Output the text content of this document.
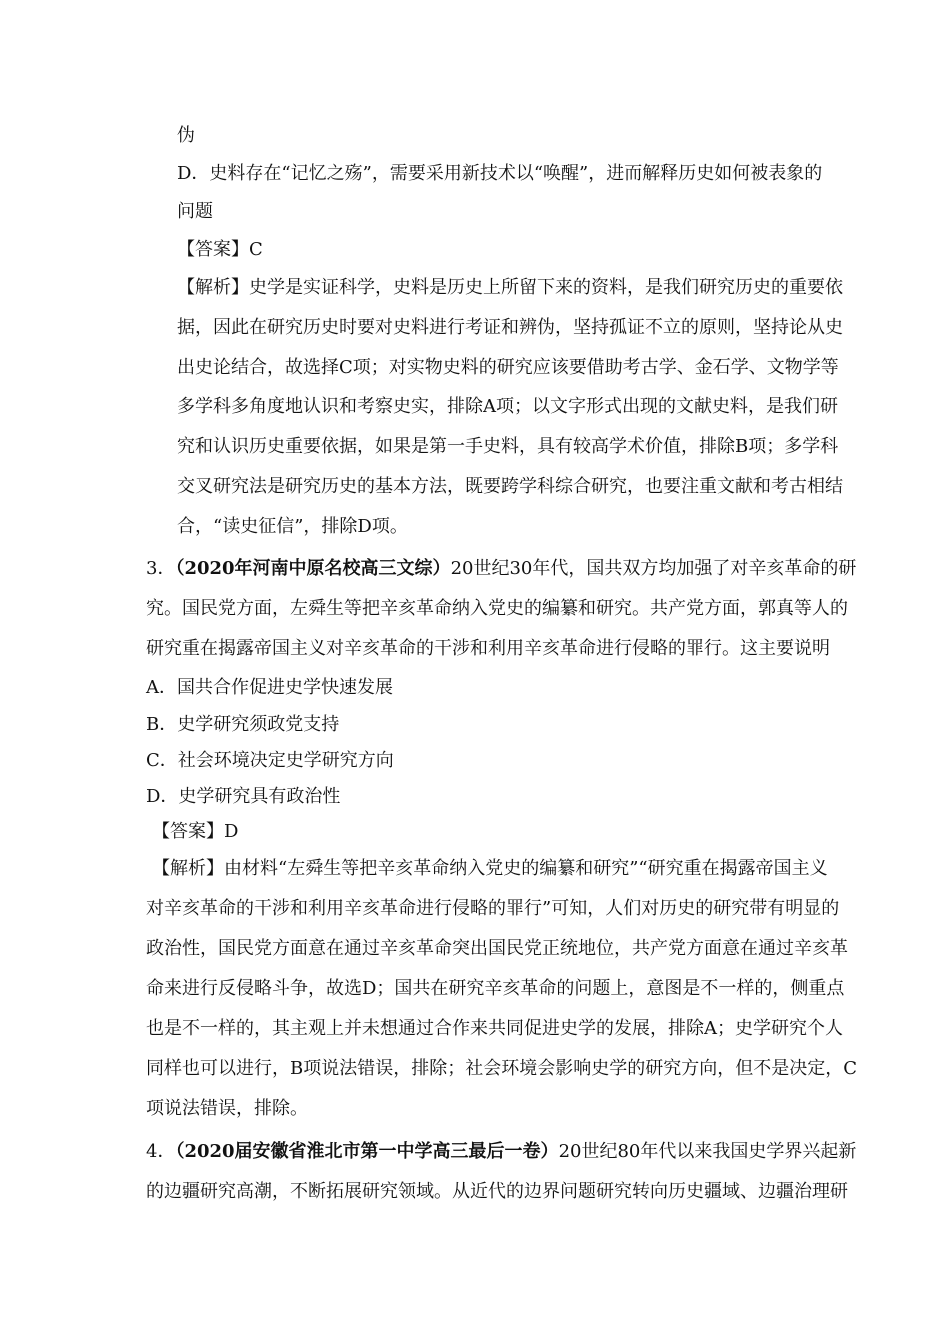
伪
D．史料存在“记忆之殇”，需要采用新技术以“唤醒”，进而解释历史如何被表象的
问题
【答案】C
【解析】史学是实证科学，史料是历史上所留下来的资料，是我们研究历史的重要依
据，因此在研究历史时要对史料进行考证和辨伪，坚持孤证不立的原则，坚持论从史
出史论结合，故选择C项；对实物史料的研究应该要借助考古学、金石学、文物学等
多学科多角度地认识和考察史实，排除A项；以文字形式出现的文献史料，是我们研
究和认识历史重要依据，如果是第一手史料，具有较高学术价值，排除B项；多学科
交叉研究法是研究历史的基本方法，既要跨学科综合研究，也要注重文献和考古相结
合，“读史征信”，排除D项。
3．（2020年河南中原名校高三文综）20世纪30年代，国共双方均加强了对辛亥革命的研
究。国民党方面，左舜生等把辛亥革命纳入党史的编纂和研究。共产党方面，郭真等人的
研究重在揭露帝国主义对辛亥革命的干涉和利用辛亥革命进行侵略的罪行。这主要说明
A．国共合作促进史学快速发展
B．史学研究须政党支持
C．社会环境决定史学研究方向
D．史学研究具有政治性
【答案】D
【解析】由材料“左舜生等把辛亥革命纳入党史的编纂和研究”“研究重在揭露帝国主义
对辛亥革命的干涉和利用辛亥革命进行侵略的罪行”可知，人们对历史的研究带有明显的
政治性，国民党方面意在通过辛亥革命突出国民党正统地位，共产党方面意在通过辛亥革
命来进行反侵略斗争，故选D；国共在研究辛亥革命的问题上，意图是不一样的，侧重点
也是不一样的，其主观上并未想通过合作来共同促进史学的发展，排除A；史学研究个人
同样也可以进行，B项说法错误，排除；社会环境会影响史学的研究方向，但不是决定，C
项说法错误，排除。
4．（2020届安徽省淮北市第一中学高三最后一卷）20世纪80年代以来我国史学界兴起新
的边疆研究高潮，不断拓展研究领域。从近代的边界问题研究转向历史疆域、边疆治理研
